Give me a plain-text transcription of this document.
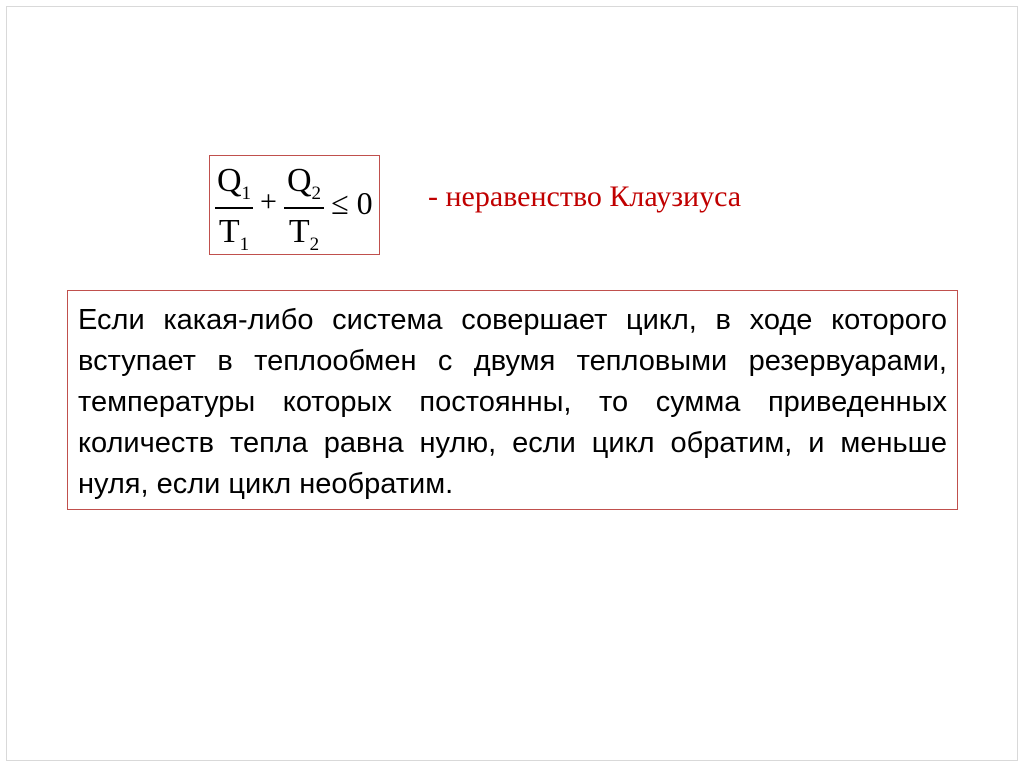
$Q_1$
$T_1$
+
$Q_2$
$T_2$
≤ 0 - неравенство Клаузиуса

Если какая-либо система совершает цикл, в ходе которого вступает в теплообмен с двумя тепловыми резервуарами, температуры которых постоянны, то сумма приведенных количеств тепла равна нулю, если цикл обратим, и меньше нуля, если цикл необратим.
